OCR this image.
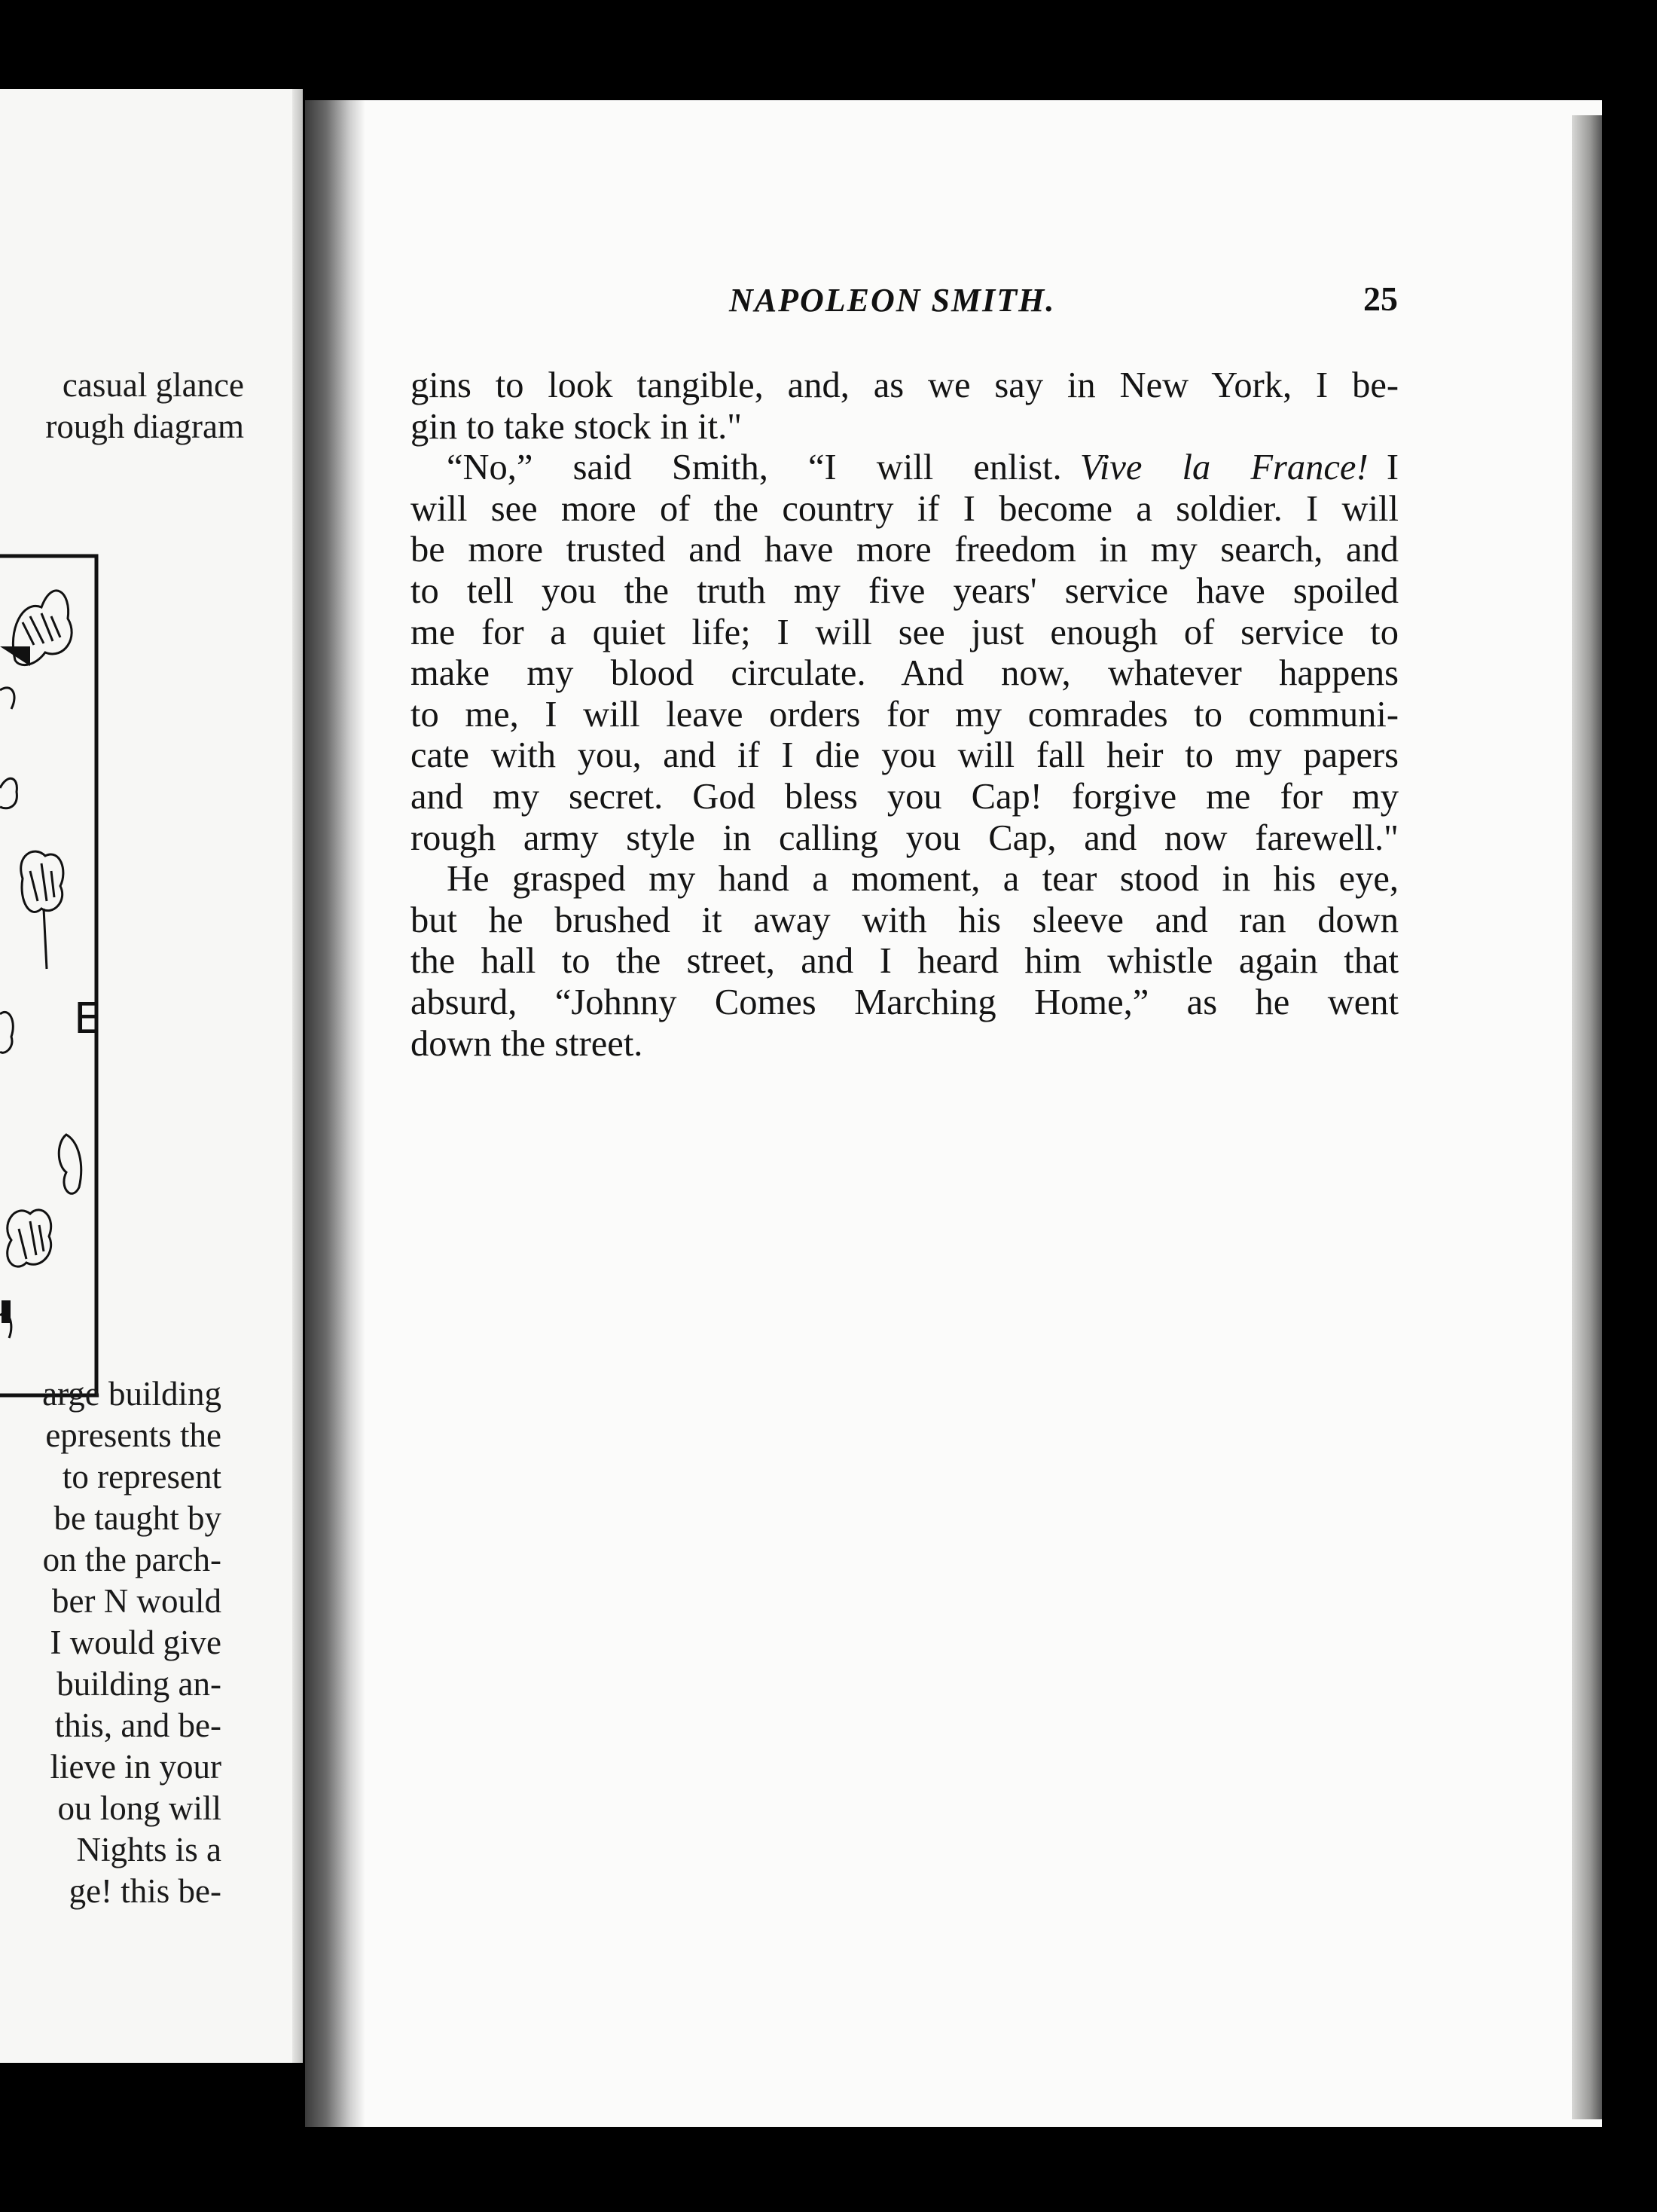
casual glance
rough diagram
E
arge building
epresents the
to represent
be taught by
on the parch-
ber N would
I would give
building an-
this, and be-
lieve in your
ou long will
Nights is a
ge! this be-
NAPOLEON SMITH.	25
gins to look tangible, and, as we say in New York, I be-
gin to take stock in it."
“No,” said Smith, “I will enlist.  Vive la France!  I
will see more of the country if I become a soldier. I will
be more trusted and have more freedom in my search, and
to tell you the truth my five years' service have spoiled
me for a quiet life; I will see just enough of service to
make my blood circulate. And now, whatever happens
to me, I will leave orders for my comrades to communi-
cate with you, and if I die you will fall heir to my papers
and my secret. God bless you Cap! forgive me for my
rough army style in calling you Cap, and now farewell."
He grasped my hand a moment, a tear stood in his eye,
but he brushed it away with his sleeve and ran down
the hall to the street, and I heard him whistle again that
absurd, “Johnny Comes Marching Home,” as he went
down the street.
